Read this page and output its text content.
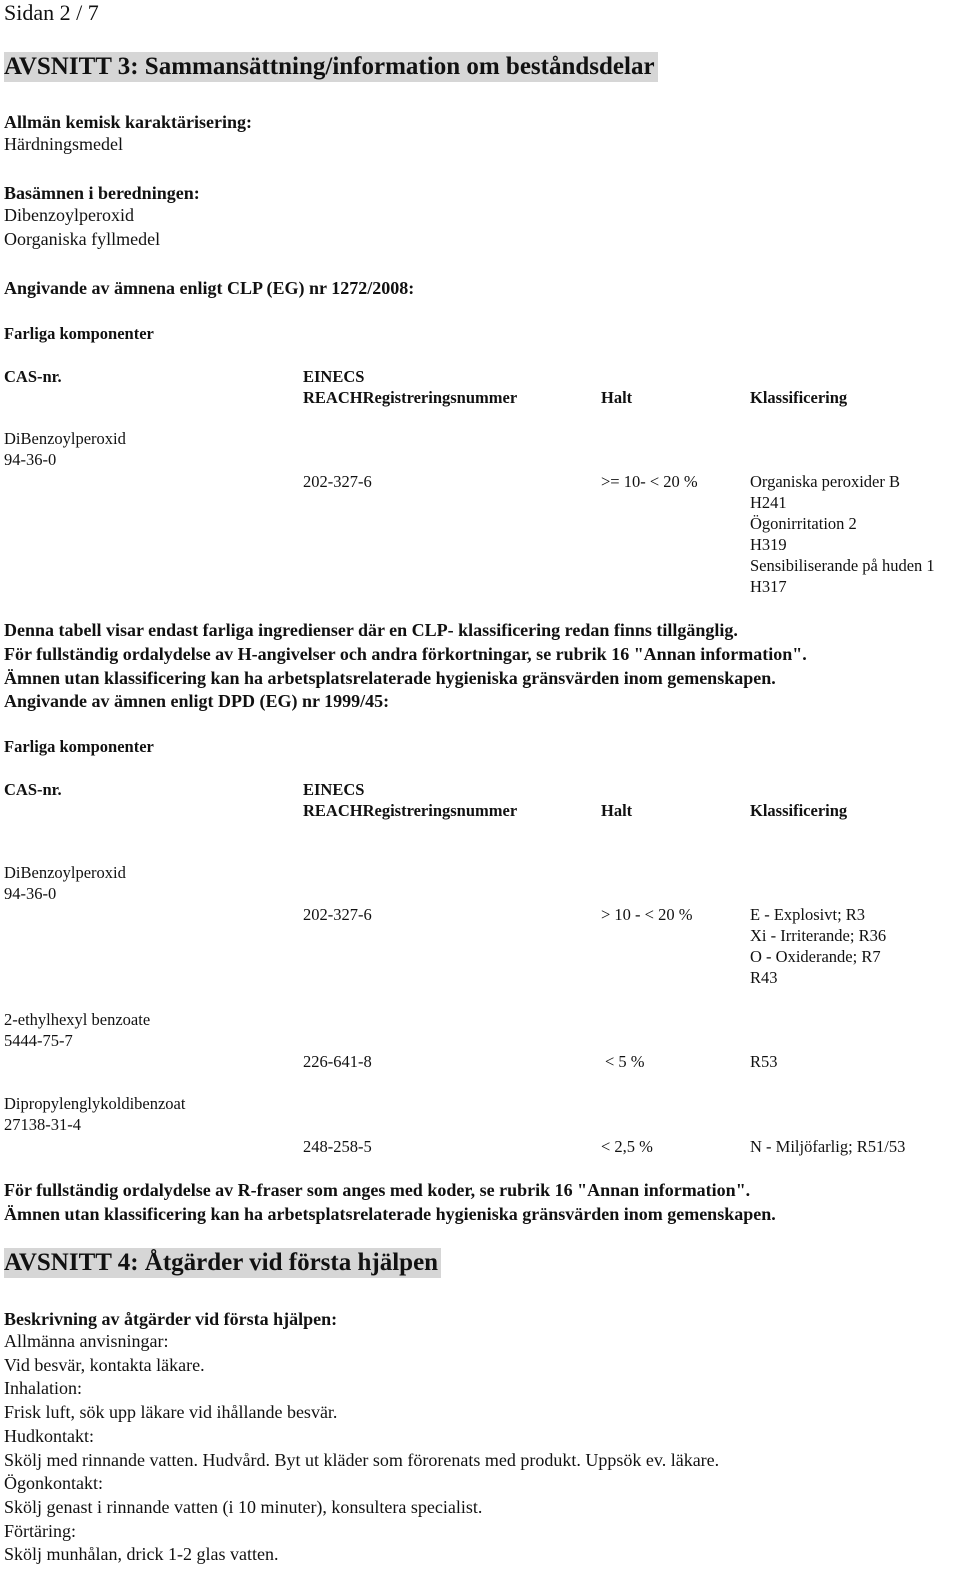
Sidan 2 / 7
AVSNITT 3: Sammansättning/information om beståndsdelar
Allmän kemisk karaktärisering:
Härdningsmedel
Basämnen i beredningen:
Dibenzoylperoxid
Oorganiska fyllmedel
Angivande av ämnena enligt CLP (EG) nr 1272/2008:
Farliga komponenter
CAS-nr.	EINECS
REACHRegistreringsnummer	Halt	Klassificering
DiBenzoylperoxid
94-36-0
202-327-6	>= 10- < 20 %	Organiska peroxider B
H241
Ögonirritation 2
H319
Sensibiliserande på huden 1
H317
Denna tabell visar endast farliga ingredienser där en CLP- klassificering redan finns tillgänglig.
För fullständig ordalydelse av H-angivelser och andra förkortningar, se rubrik 16 "Annan information".
Ämnen utan klassificering kan ha arbetsplatsrelaterade hygieniska gränsvärden inom gemenskapen.
Angivande av ämnen enligt DPD (EG) nr 1999/45:
Farliga komponenter
CAS-nr.	EINECS
REACHRegistreringsnummer	Halt	Klassificering
DiBenzoylperoxid
94-36-0
202-327-6	> 10 - < 20 %	E - Explosivt; R3
Xi - Irriterande; R36
O - Oxiderande; R7
R43
2-ethylhexyl benzoate
5444-75-7
226-641-8	< 5 %	R53
Dipropylenglykoldibenzoat
27138-31-4
248-258-5	< 2,5 %	N - Miljöfarlig; R51/53
För fullständig ordalydelse av R-fraser som anges med koder, se rubrik 16 "Annan information".
Ämnen utan klassificering kan ha arbetsplatsrelaterade hygieniska gränsvärden inom gemenskapen.
AVSNITT 4: Åtgärder vid första hjälpen
Beskrivning av åtgärder vid första hjälpen:
Allmänna anvisningar:
Vid besvär, kontakta läkare.
Inhalation:
Frisk luft, sök upp läkare vid ihållande besvär.
Hudkontakt:
Skölj med rinnande vatten. Hudvård. Byt ut kläder som förorenats med produkt. Uppsök ev. läkare.
Ögonkontakt:
Skölj genast i rinnande vatten (i 10 minuter), konsultera specialist.
Förtäring:
Skölj munhålan, drick 1-2 glas vatten.
